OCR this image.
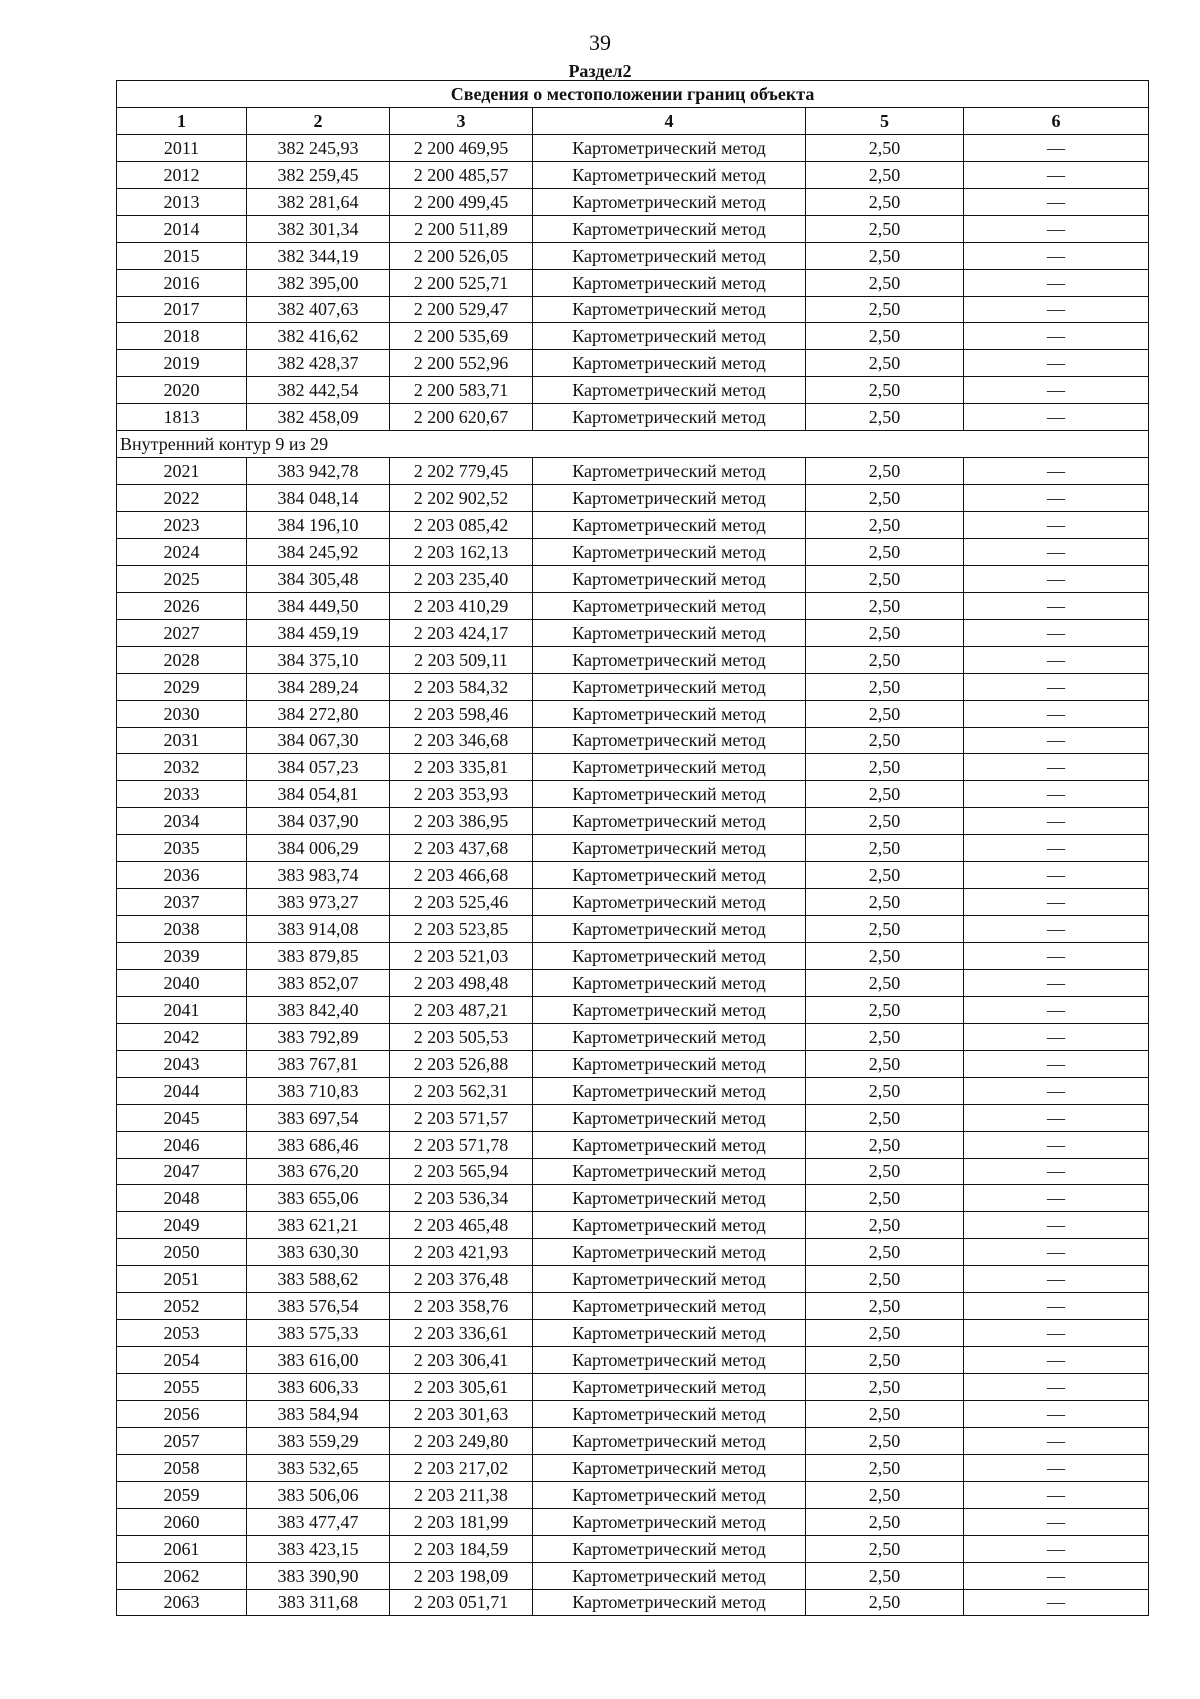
39
Раздел2
Сведения о местоположении границ объекта					
1	2	3	4	5	6
2011	382 245,93	2 200 469,95	Картометрический метод	2,50	—
2012	382 259,45	2 200 485,57	Картометрический метод	2,50	—
2013	382 281,64	2 200 499,45	Картометрический метод	2,50	—
2014	382 301,34	2 200 511,89	Картометрический метод	2,50	—
2015	382 344,19	2 200 526,05	Картометрический метод	2,50	—
2016	382 395,00	2 200 525,71	Картометрический метод	2,50	—
2017	382 407,63	2 200 529,47	Картометрический метод	2,50	—
2018	382 416,62	2 200 535,69	Картометрический метод	2,50	—
2019	382 428,37	2 200 552,96	Картометрический метод	2,50	—
2020	382 442,54	2 200 583,71	Картометрический метод	2,50	—
1813	382 458,09	2 200 620,67	Картометрический метод	2,50	—
Внутренний контур 9 из 29					
2021	383 942,78	2 202 779,45	Картометрический метод	2,50	—
2022	384 048,14	2 202 902,52	Картометрический метод	2,50	—
2023	384 196,10	2 203 085,42	Картометрический метод	2,50	—
2024	384 245,92	2 203 162,13	Картометрический метод	2,50	—
2025	384 305,48	2 203 235,40	Картометрический метод	2,50	—
2026	384 449,50	2 203 410,29	Картометрический метод	2,50	—
2027	384 459,19	2 203 424,17	Картометрический метод	2,50	—
2028	384 375,10	2 203 509,11	Картометрический метод	2,50	—
2029	384 289,24	2 203 584,32	Картометрический метод	2,50	—
2030	384 272,80	2 203 598,46	Картометрический метод	2,50	—
2031	384 067,30	2 203 346,68	Картометрический метод	2,50	—
2032	384 057,23	2 203 335,81	Картометрический метод	2,50	—
2033	384 054,81	2 203 353,93	Картометрический метод	2,50	—
2034	384 037,90	2 203 386,95	Картометрический метод	2,50	—
2035	384 006,29	2 203 437,68	Картометрический метод	2,50	—
2036	383 983,74	2 203 466,68	Картометрический метод	2,50	—
2037	383 973,27	2 203 525,46	Картометрический метод	2,50	—
2038	383 914,08	2 203 523,85	Картометрический метод	2,50	—
2039	383 879,85	2 203 521,03	Картометрический метод	2,50	—
2040	383 852,07	2 203 498,48	Картометрический метод	2,50	—
2041	383 842,40	2 203 487,21	Картометрический метод	2,50	—
2042	383 792,89	2 203 505,53	Картометрический метод	2,50	—
2043	383 767,81	2 203 526,88	Картометрический метод	2,50	—
2044	383 710,83	2 203 562,31	Картометрический метод	2,50	—
2045	383 697,54	2 203 571,57	Картометрический метод	2,50	—
2046	383 686,46	2 203 571,78	Картометрический метод	2,50	—
2047	383 676,20	2 203 565,94	Картометрический метод	2,50	—
2048	383 655,06	2 203 536,34	Картометрический метод	2,50	—
2049	383 621,21	2 203 465,48	Картометрический метод	2,50	—
2050	383 630,30	2 203 421,93	Картометрический метод	2,50	—
2051	383 588,62	2 203 376,48	Картометрический метод	2,50	—
2052	383 576,54	2 203 358,76	Картометрический метод	2,50	—
2053	383 575,33	2 203 336,61	Картометрический метод	2,50	—
2054	383 616,00	2 203 306,41	Картометрический метод	2,50	—
2055	383 606,33	2 203 305,61	Картометрический метод	2,50	—
2056	383 584,94	2 203 301,63	Картометрический метод	2,50	—
2057	383 559,29	2 203 249,80	Картометрический метод	2,50	—
2058	383 532,65	2 203 217,02	Картометрический метод	2,50	—
2059	383 506,06	2 203 211,38	Картометрический метод	2,50	—
2060	383 477,47	2 203 181,99	Картометрический метод	2,50	—
2061	383 423,15	2 203 184,59	Картометрический метод	2,50	—
2062	383 390,90	2 203 198,09	Картометрический метод	2,50	—
2063	383 311,68	2 203 051,71	Картометрический метод	2,50	—
